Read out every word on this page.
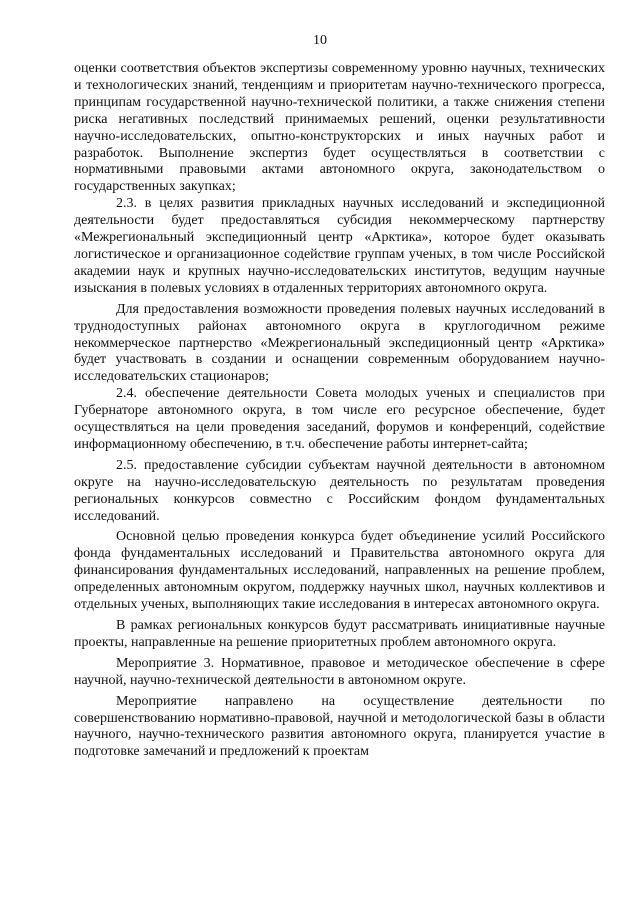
10

оценки соответствия объектов экспертизы современному уровню научных, технических и технологических знаний, тенденциям и приоритетам научно-технического прогресса, принципам государственной научно-технической политики, а также снижения степени риска негативных последствий принимаемых решений, оценки результативности научно-исследовательских, опытно-конструкторских и иных научных работ и разработок. Выполнение экспертиз будет осуществляться в соответствии с нормативными правовыми актами автономного округа, законодательством о государственных закупках;

2.3. в целях развития прикладных научных исследований и экспедиционной деятельности будет предоставляться субсидия некоммерческому партнерству «Межрегиональный экспедиционный центр «Арктика», которое будет оказывать логистическое и организационное содействие группам ученых, в том числе Российской академии наук и крупных научно-исследовательских институтов, ведущим научные изыскания в полевых условиях в отдаленных территориях автономного округа.

Для предоставления возможности проведения полевых научных исследований в труднодоступных районах автономного округа в круглогодичном режиме некоммерческое партнерство «Межрегиональный экспедиционный центр «Арктика» будет участвовать в создании и оснащении современным оборудованием научно-исследовательских стационаров;

2.4. обеспечение деятельности Совета молодых ученых и специалистов при Губернаторе автономного округа, в том числе его ресурсное обеспечение, будет осуществляться на цели проведения заседаний, форумов и конференций, содействие информационному обеспечению, в т.ч. обеспечение работы интернет-сайта;

2.5. предоставление субсидии субъектам научной деятельности в автономном округе на научно-исследовательскую деятельность по результатам проведения региональных конкурсов совместно с Российским фондом фундаментальных исследований.

Основной целью проведения конкурса будет объединение усилий Российского фонда фундаментальных исследований и Правительства автономного округа для финансирования фундаментальных исследований, направленных на решение проблем, определенных автономным округом, поддержку научных школ, научных коллективов и отдельных ученых, выполняющих такие исследования в интересах автономного округа.

В рамках региональных конкурсов будут рассматривать инициативные научные проекты, направленные на решение приоритетных проблем автономного округа.

Мероприятие 3. Нормативное, правовое и методическое обеспечение в сфере научной, научно-технической деятельности в автономном округе.

Мероприятие направлено на осуществление деятельности по совершенствованию нормативно-правовой, научной и методологической базы в области научного, научно-технического развития автономного округа, планируется участие в подготовке замечаний и предложений к проектам
